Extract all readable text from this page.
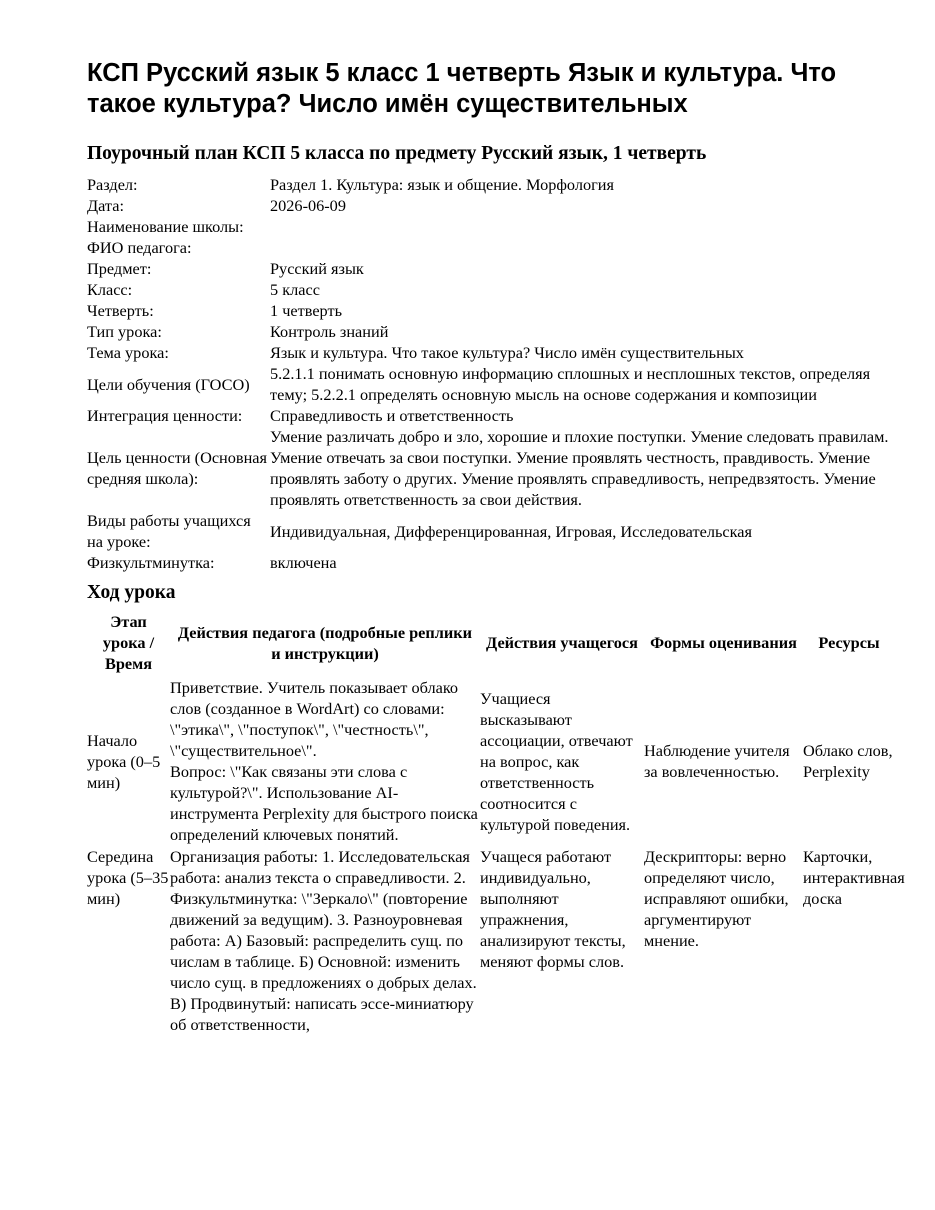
КСП Русский язык 5 класс 1 четверть Язык и культура. Что такое культура? Число имён существительных
Поурочный план КСП 5 класса по предмету Русский язык, 1 четверть
Раздел:	Раздел 1. Культура: язык и общение. Морфология
Дата:	2026-06-09
Наименование школы:	
ФИО педагога:	
Предмет:	Русский язык
Класс:	5 класс
Четверть:	1 четверть
Тип урока:	Контроль знаний
Тема урока:	Язык и культура. Что такое культура? Число имён существительных
Цели обучения (ГОСО)	5.2.1.1 понимать основную информацию сплошных и несплошных текстов, определяя тему; 5.2.2.1 определять основную мысль на основе содержания и композиции
Интеграция ценности:	Справедливость и ответственность
Цель ценности (Основная средняя школа):	Умение различать добро и зло, хорошие и плохие поступки. Умение следовать правилам. Умение отвечать за свои поступки. Умение проявлять честность, правдивость. Умение проявлять заботу о других. Умение проявлять справедливость, непредвзятость. Умение проявлять ответственность за свои действия.
Виды работы учащихся на уроке:	Индивидуальная, Дифференцированная, Игровая, Исследовательская
Физкультминутка:	включена
Ход урока
Этап урока / Время	Действия педагога (подробные реплики и инструкции)	Действия учащегося	Формы оценивания	Ресурсы
Начало урока (0–5 мин)	Приветствие. Учитель показывает облако слов (созданное в WordArt) со словами: \"этика\", \"поступок\", \"честность\", \"существительное\".
Вопрос: \"Как связаны эти слова с культурой?\". Использование AI-инструмента Perplexity для быстрого поиска определений ключевых понятий.	Учащиеся высказывают ассоциации, отвечают на вопрос, как ответственность соотносится с культурой поведения.	Наблюдение учителя за вовлеченностью.	Облако слов, Perplexity
Середина урока (5–35 мин)	Организация работы: 1. Исследовательская работа: анализ текста о справедливости. 2. Физкультминутка: \"Зеркало\" (повторение движений за ведущим). 3. Разноуровневая работа: А) Базовый: распределить сущ. по числам в таблице. Б) Основной: изменить число сущ. в предложениях о добрых делах. В) Продвинутый: написать эссе-миниатюру об ответственности,	Учащеся работают индивидуально, выполняют упражнения, анализируют тексты, меняют формы слов.	Дескрипторы: верно определяют число, исправляют ошибки, аргументируют мнение.	Карточки, интерактивная доска
